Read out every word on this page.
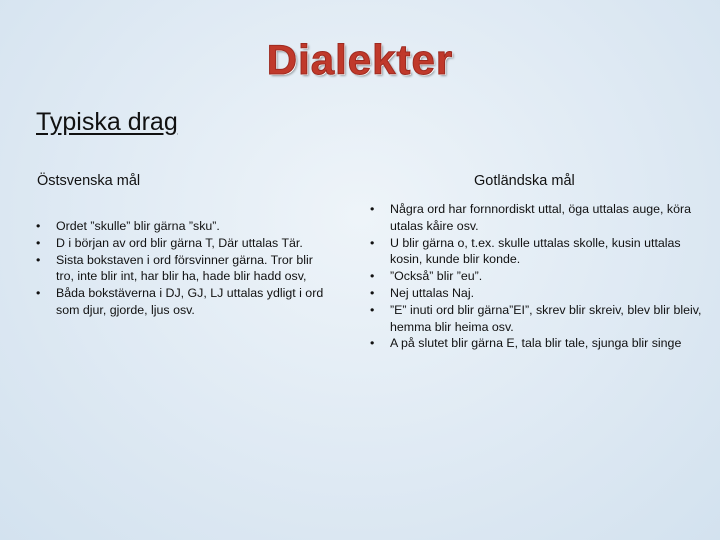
Dialekter
Typiska drag
Östsvenska mål
• Ordet ”skulle” blir gärna ”sku”.
• D i början av ord blir gärna T, Där uttalas Tär.
• Sista bokstaven i ord försvinner gärna. Tror blir tro, inte blir int, har blir ha, hade blir hadd osv,
• Båda bokstäverna i DJ, GJ, LJ uttalas ydligt i ord som djur, gjorde, ljus osv.
Gotländska mål
• Några ord har fornnordiskt uttal, öga uttalas auge, köra utalas kåire osv.
• U blir gärna o, t.ex. skulle uttalas skolle, kusin uttalas kosin, kunde blir konde.
• ”Också” blir ”eu”.
• Nej uttalas Naj.
• ”E” inuti ord blir gärna”EI”, skrev blir skreiv, blev blir bleiv, hemma blir heima osv.
• A på slutet blir gärna E, tala blir tale, sjunga blir singe
